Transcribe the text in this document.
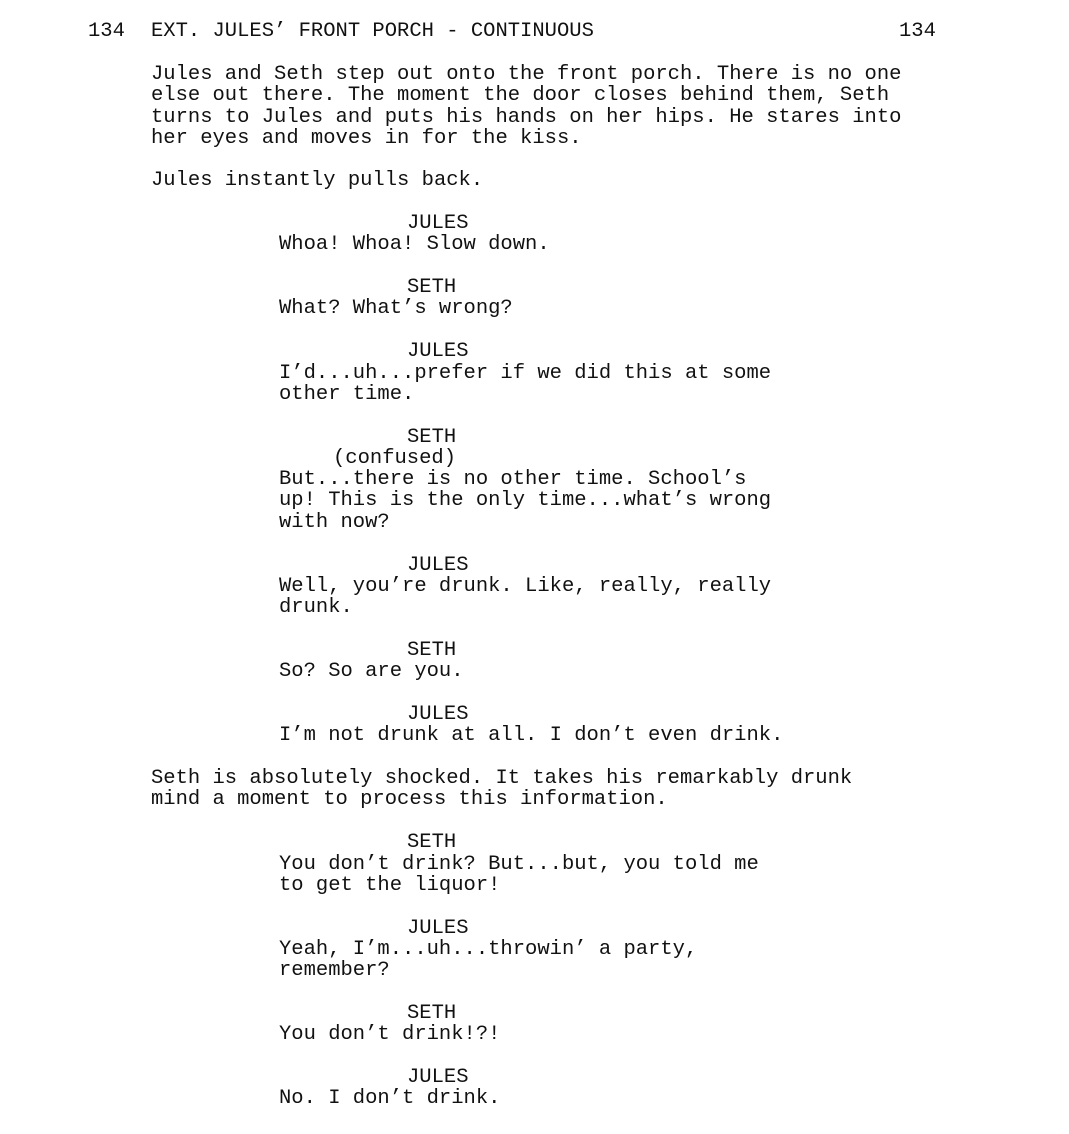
134 EXT. JULES’ FRONT PORCH - CONTINUOUS	134
Jules and Seth step out onto the front porch. There is no one
else out there. The moment the door closes behind them, Seth
turns to Jules and puts his hands on her hips. He stares into
her eyes and moves in for the kiss.
Jules instantly pulls back.
JULES
Whoa! Whoa! Slow down.
SETH
What? What’s wrong?
JULES
I’d...uh...prefer if we did this at some
other time.
SETH
(confused)
But...there is no other time. School’s
up! This is the only time...what’s wrong
with now?
JULES
Well, you’re drunk. Like, really, really
drunk.
SETH
So? So are you.
JULES
I’m not drunk at all. I don’t even drink.
Seth is absolutely shocked. It takes his remarkably drunk
mind a moment to process this information.
SETH
You don’t drink? But...but, you told me
to get the liquor!
JULES
Yeah, I’m...uh...throwin’ a party,
remember?
SETH
You don’t drink!?!
JULES
No. I don’t drink.
